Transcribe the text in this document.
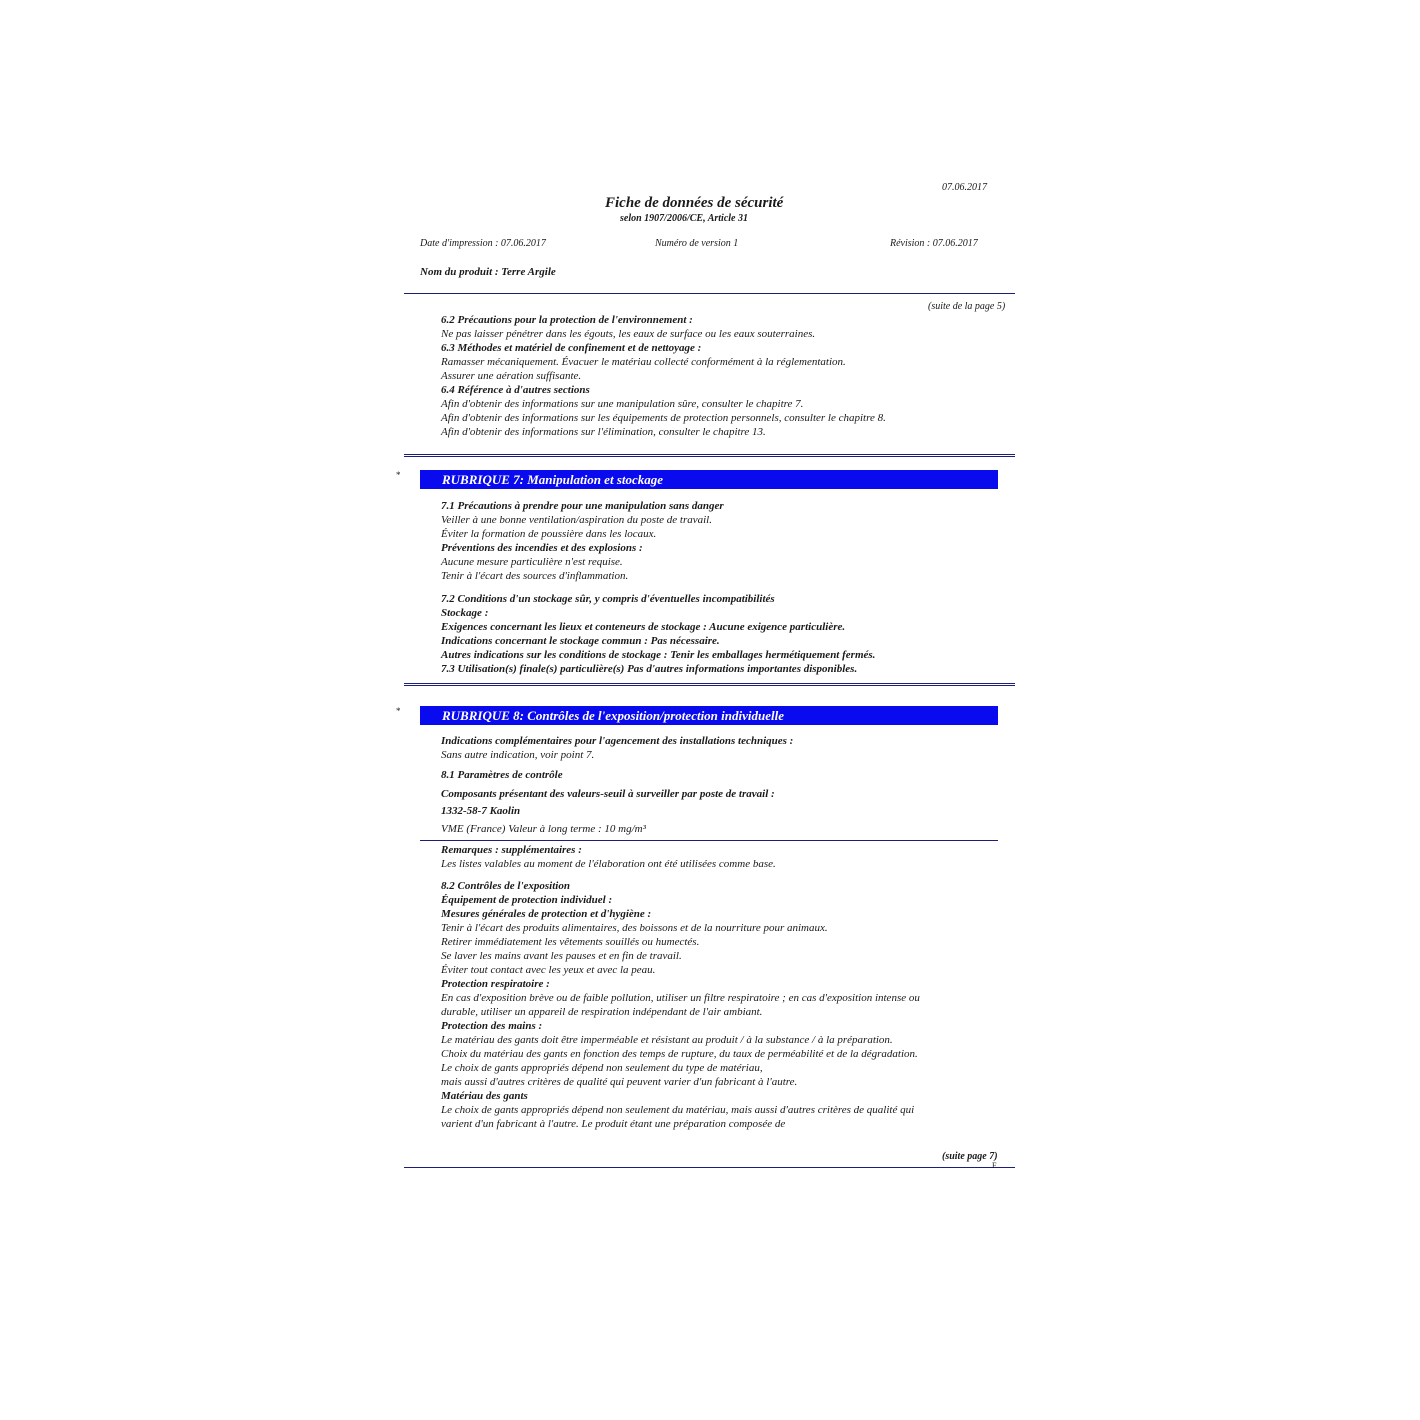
07.06.2017
Fiche de données de sécurité
selon 1907/2006/CE, Article 31
Date d'impression : 07.06.2017	Numéro de version 1	Révision : 07.06.2017
Nom du produit : Terre Argile
(suite de la page 5)
6.2 Précautions pour la protection de l'environnement :
Ne pas laisser pénétrer dans les égouts, les eaux de surface ou les eaux souterraines.
6.3 Méthodes et matériel de confinement et de nettoyage :
Ramasser mécaniquement. Évacuer le matériau collecté conformément à la réglementation.
Assurer une aération suffisante.
6.4 Référence à d'autres sections
Afin d'obtenir des informations sur une manipulation sûre, consulter le chapitre 7.
Afin d'obtenir des informations sur les équipements de protection personnels, consulter le chapitre 8.
Afin d'obtenir des informations sur l'élimination, consulter le chapitre 13.
*	RUBRIQUE 7: Manipulation et stockage
7.1 Précautions à prendre pour une manipulation sans danger
Veiller à une bonne ventilation/aspiration du poste de travail.
Éviter la formation de poussière dans les locaux.
Préventions des incendies et des explosions :
Aucune mesure particulière n'est requise.
Tenir à l'écart des sources d'inflammation.
7.2 Conditions d'un stockage sûr, y compris d'éventuelles incompatibilités
Stockage :
Exigences concernant les lieux et conteneurs de stockage : Aucune exigence particulière.
Indications concernant le stockage commun : Pas nécessaire.
Autres indications sur les conditions de stockage : Tenir les emballages hermétiquement fermés.
7.3 Utilisation(s) finale(s) particulière(s) Pas d'autres informations importantes disponibles.
*	RUBRIQUE 8: Contrôles de l'exposition/protection individuelle
Indications complémentaires pour l'agencement des installations techniques :
Sans autre indication, voir point 7.
8.1 Paramètres de contrôle
Composants présentant des valeurs-seuil à surveiller par poste de travail :
1332-58-7 Kaolin
VME (France) Valeur à long terme : 10 mg/m³
Remarques : supplémentaires :
Les listes valables au moment de l'élaboration ont été utilisées comme base.
8.2 Contrôles de l'exposition
Équipement de protection individuel :
Mesures générales de protection et d'hygiène :
Tenir à l'écart des produits alimentaires, des boissons et de la nourriture pour animaux.
Retirer immédiatement les vêtements souillés ou humectés.
Se laver les mains avant les pauses et en fin de travail.
Éviter tout contact avec les yeux et avec la peau.
Protection respiratoire :
En cas d'exposition brève ou de faible pollution, utiliser un filtre respiratoire ; en cas d'exposition intense ou
durable, utiliser un appareil de respiration indépendant de l'air ambiant.
Protection des mains :
Le matériau des gants doit être imperméable et résistant au produit / à la substance / à la préparation.
Choix du matériau des gants en fonction des temps de rupture, du taux de perméabilité et de la dégradation.
Le choix de gants appropriés dépend non seulement du type de matériau,
mais aussi d'autres critères de qualité qui peuvent varier d'un fabricant à l'autre.
Matériau des gants
Le choix de gants appropriés dépend non seulement du matériau, mais aussi d'autres critères de qualité qui
varient d'un fabricant à l'autre. Le produit étant une préparation composée de
(suite page 7)
F
